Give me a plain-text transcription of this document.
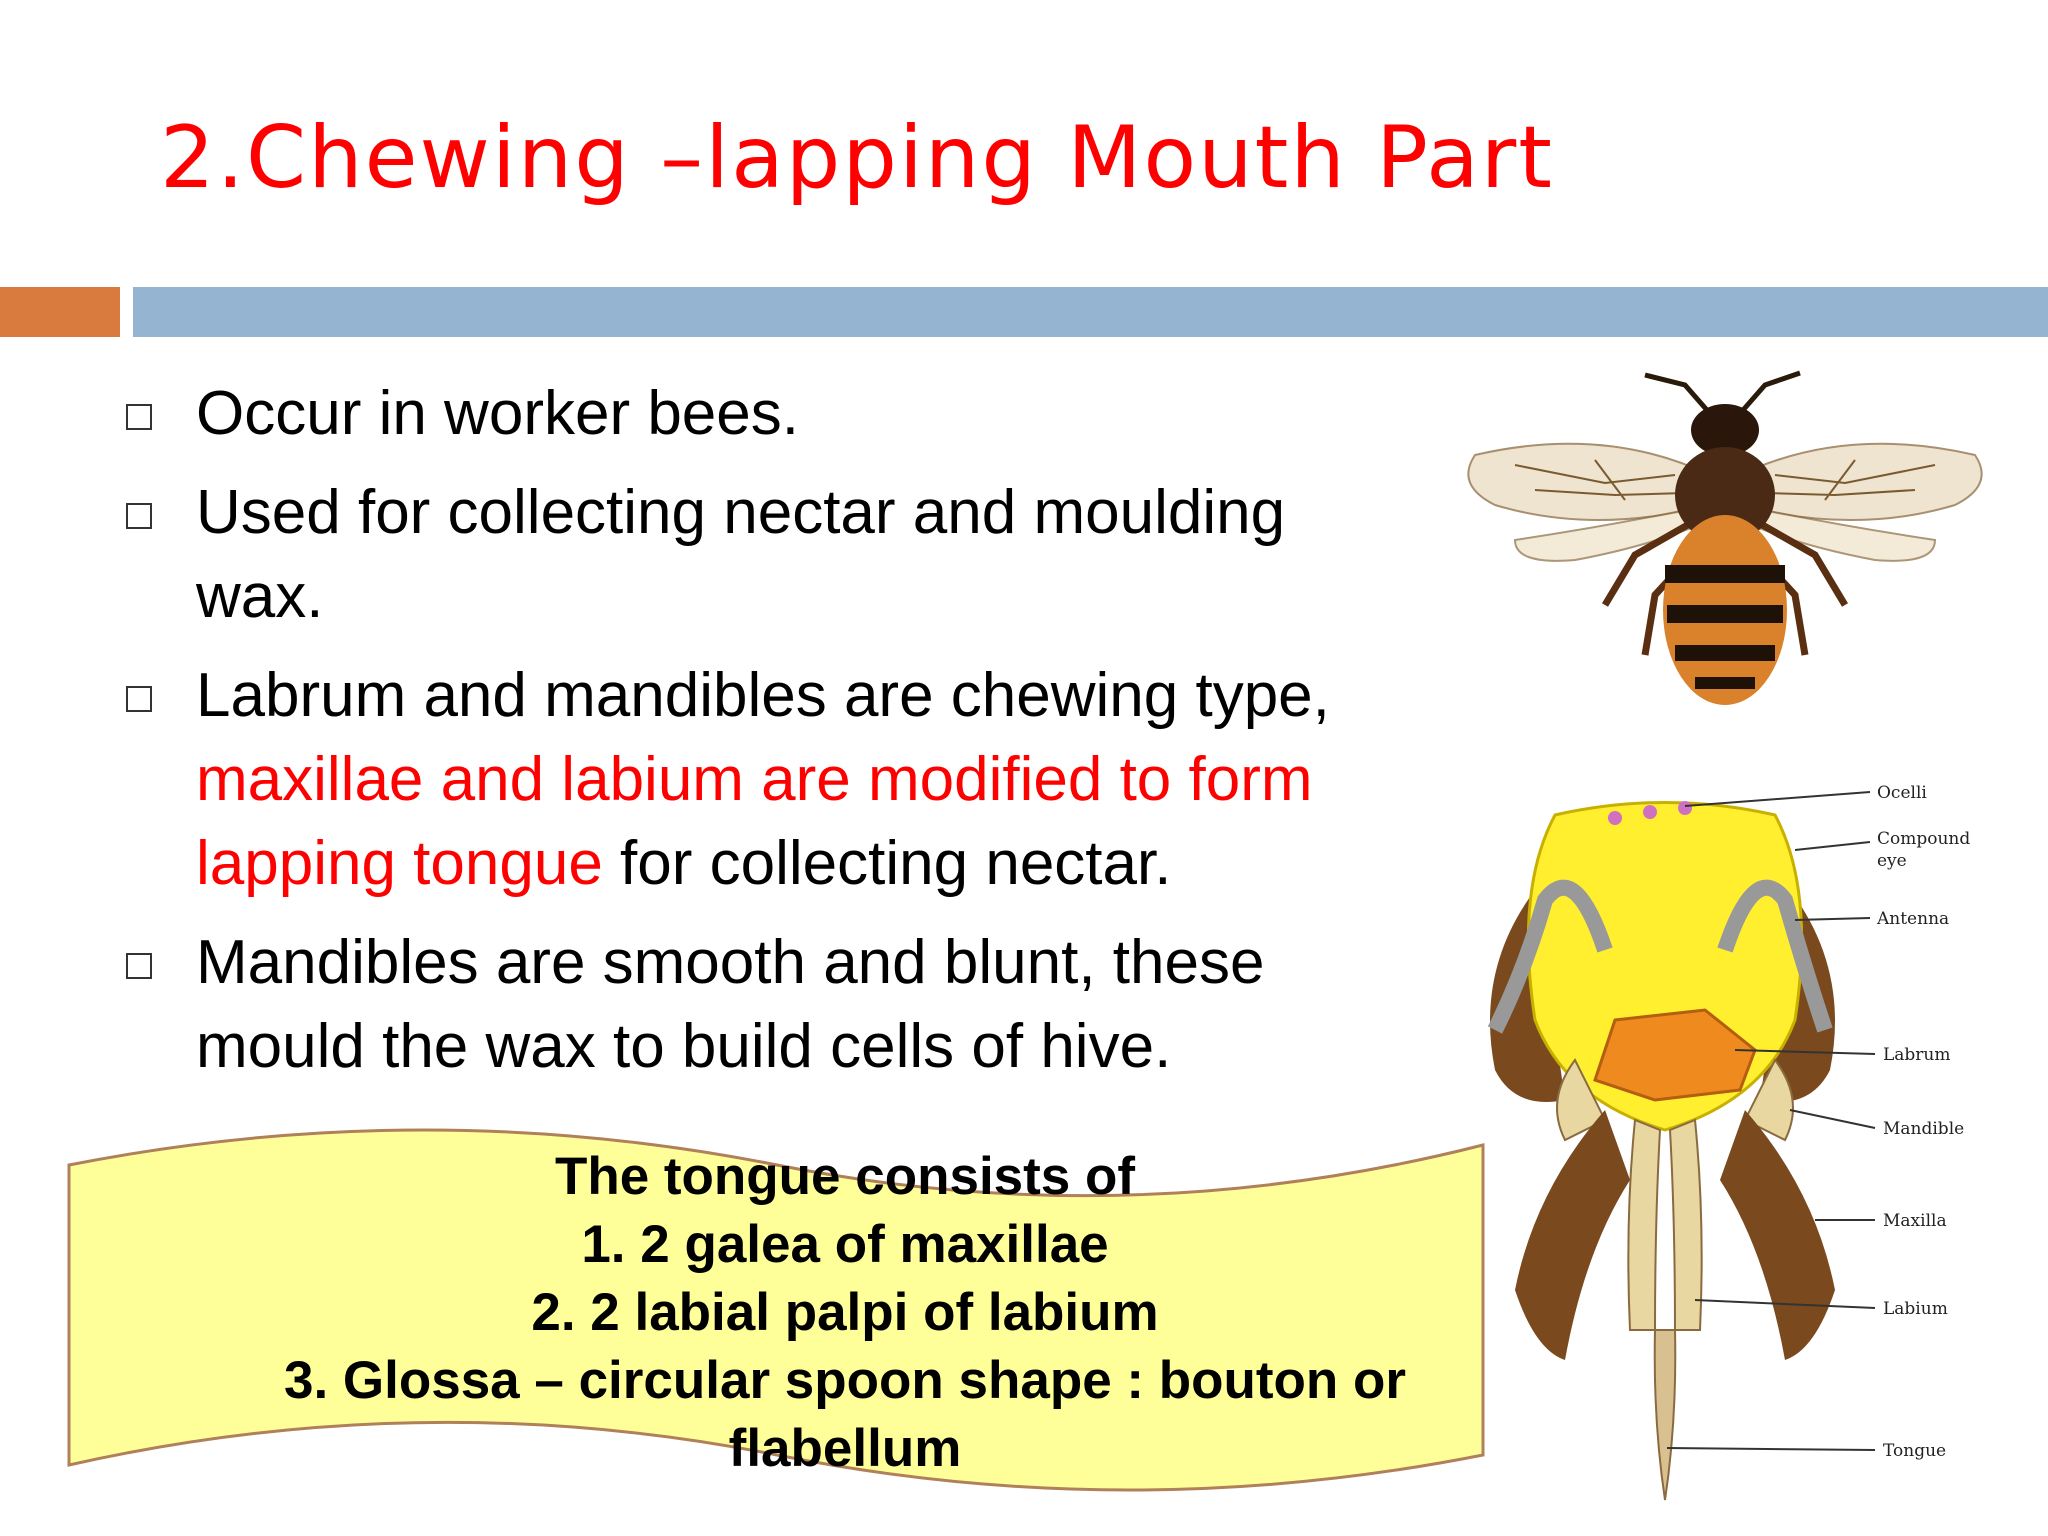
2.Chewing –lapping Mouth Part
Occur in worker bees.
Used for collecting nectar and moulding wax.
Labrum and mandibles are chewing type, maxillae and labium are modified to form lapping tongue for collecting nectar.
Mandibles are smooth and blunt, these mould the wax to build cells of hive.
Ocelli
Compound
eye
Antenna
Labrum
Mandible
Maxilla
Labium
Tongue
The tongue consists of
1. 2 galea of maxillae
2. 2 labial palpi of labium
3. Glossa – circular spoon shape : bouton or
flabellum
